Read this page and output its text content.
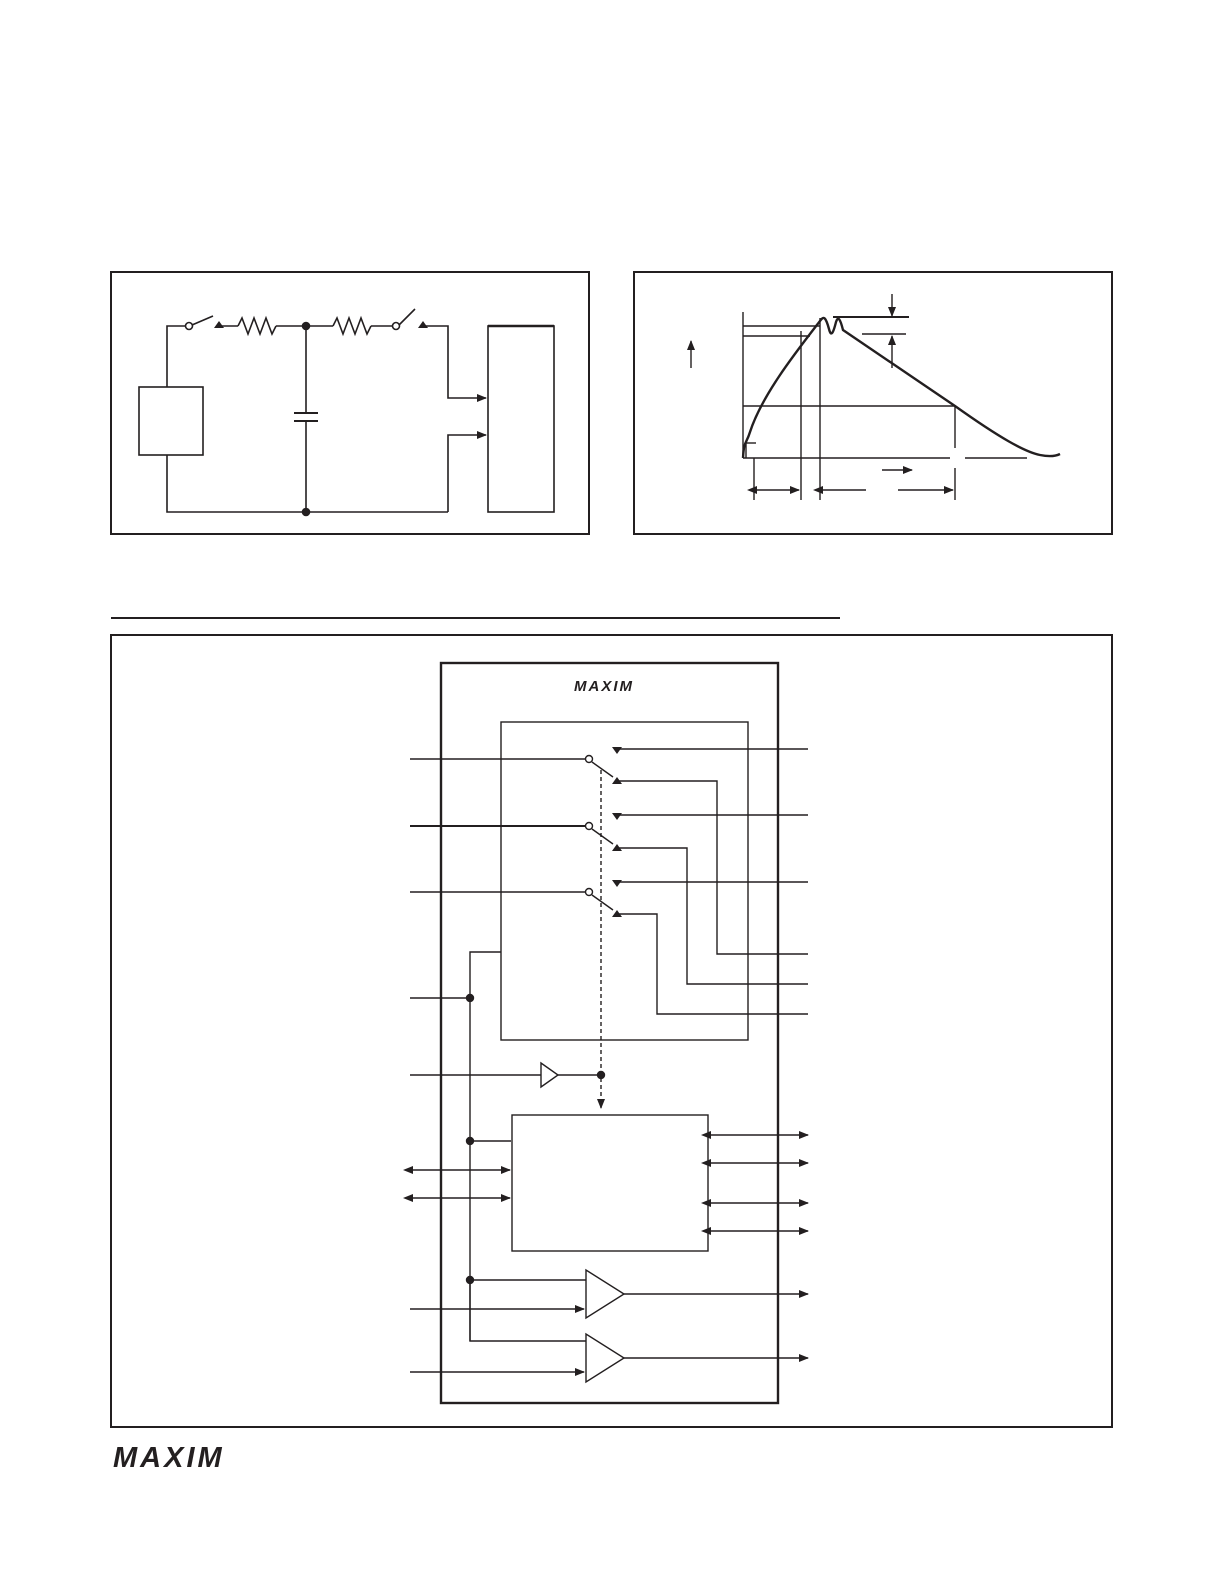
MAXIM
MAXIM
